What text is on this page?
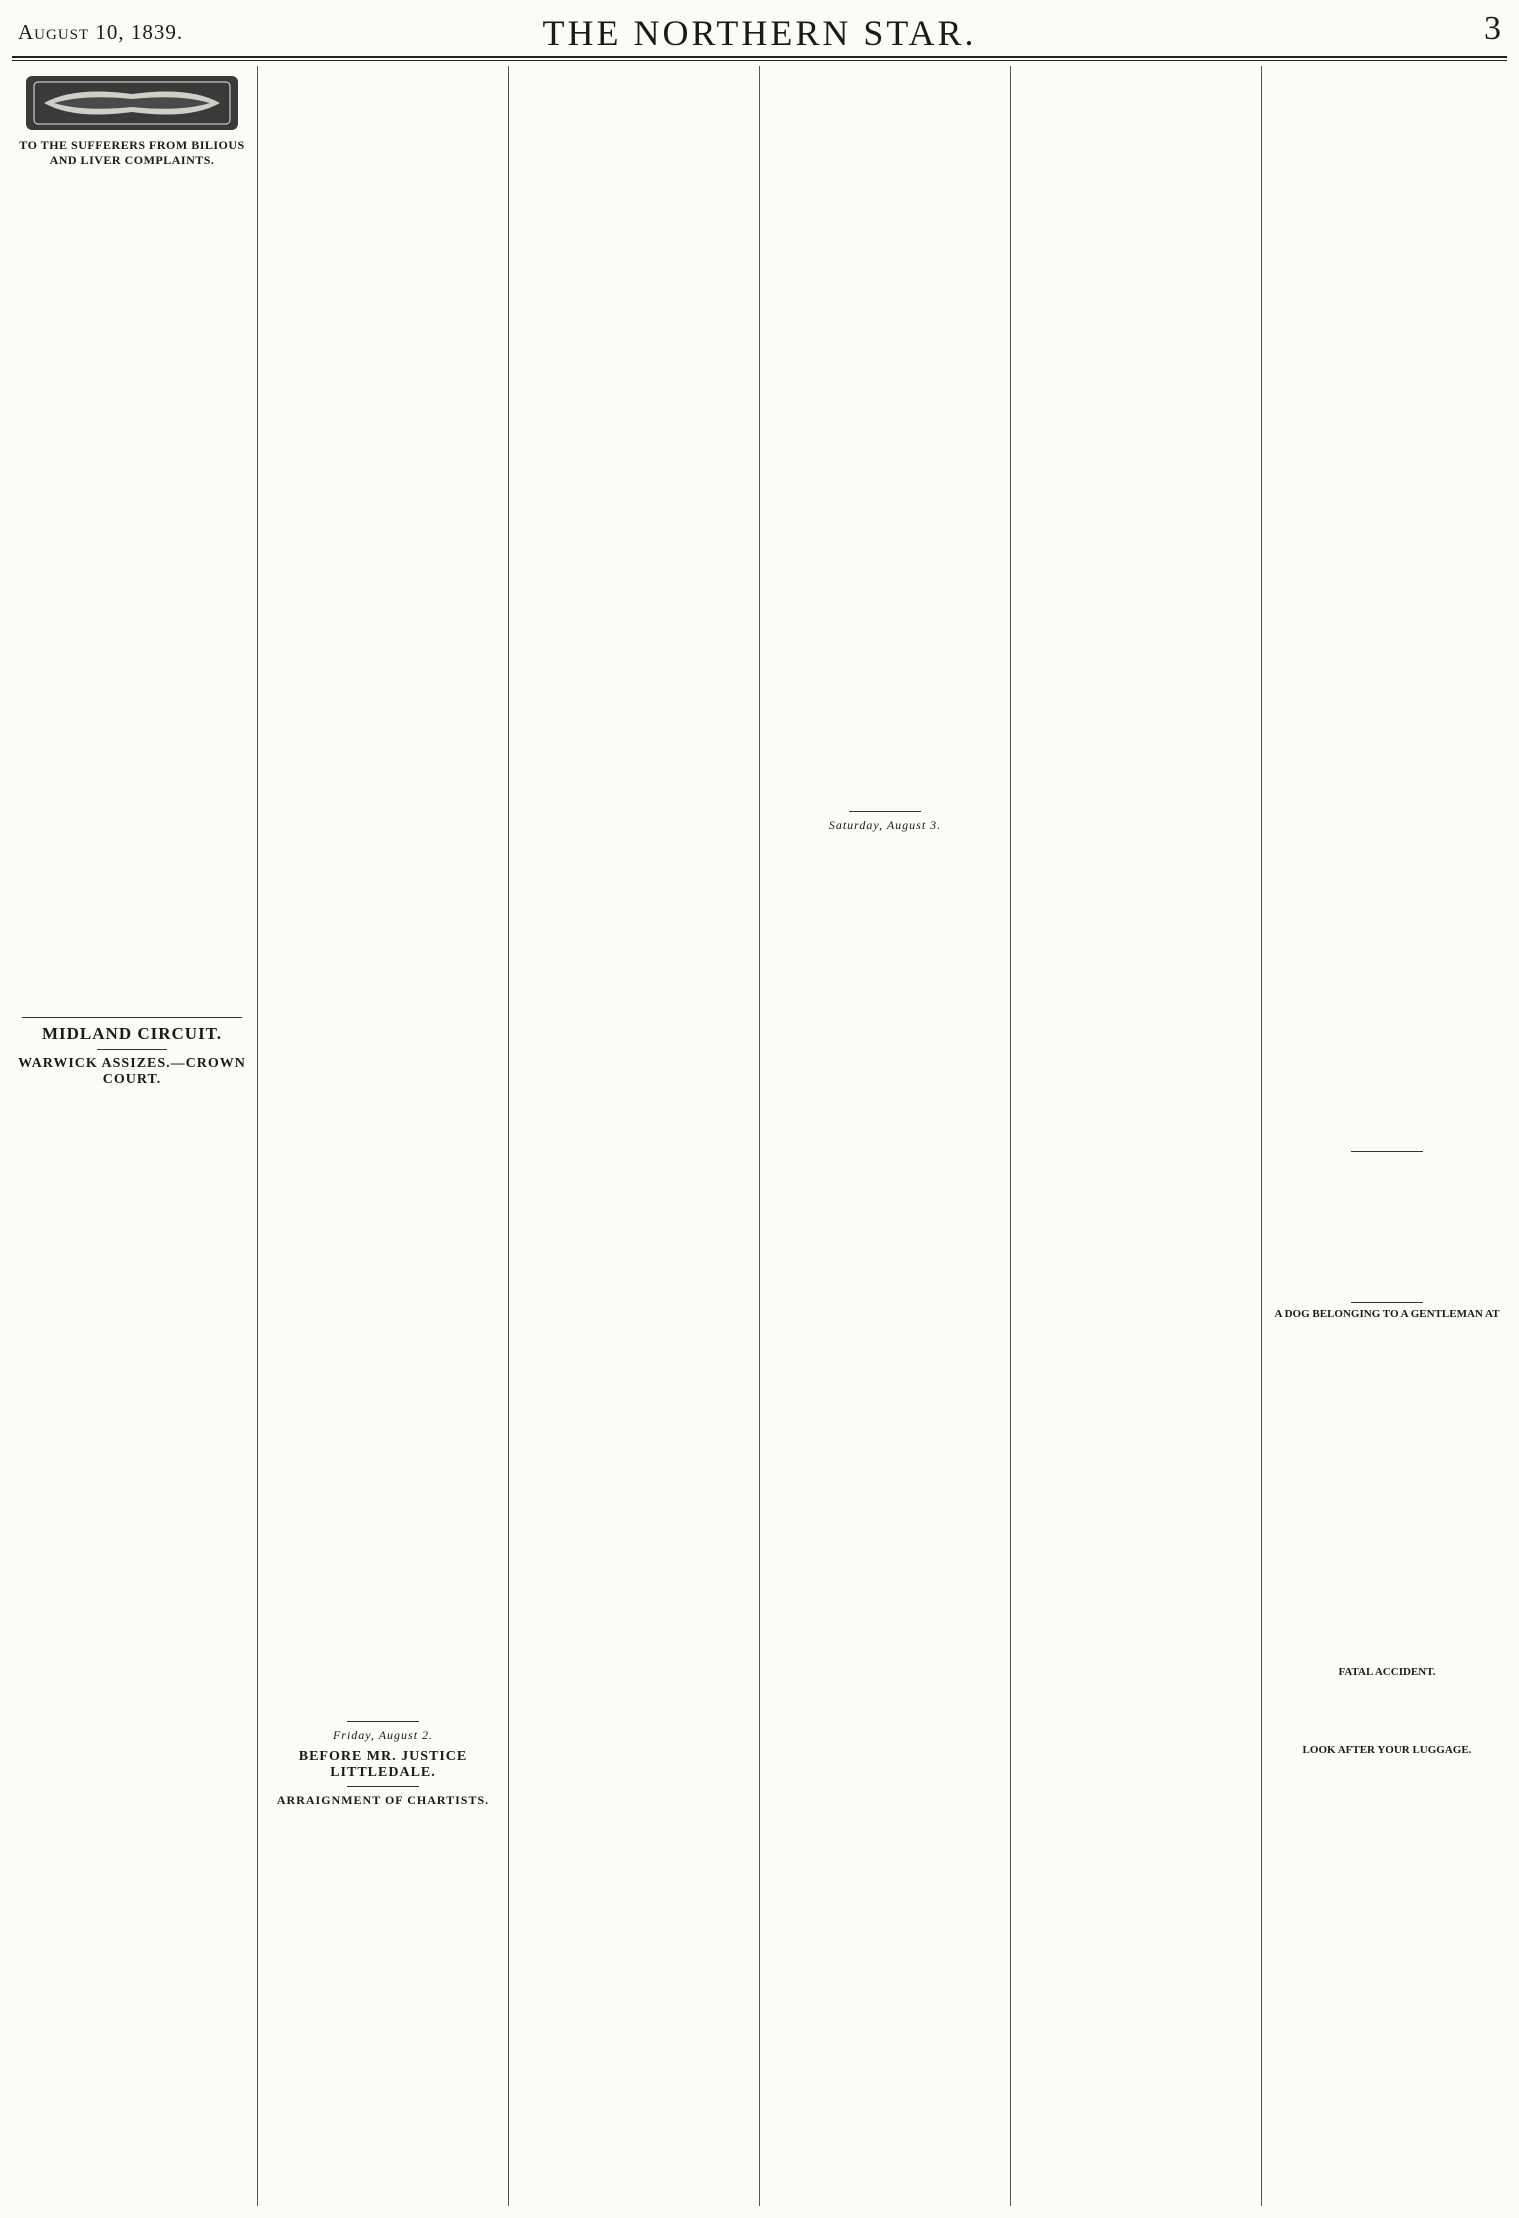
August 10, 1839.	THE NORTHERN STAR.	3
TO THE SUFFERERS FROM BILIOUS AND LIVER COMPLAINTS.
MIDLAND CIRCUIT.
WARWICK ASSIZES.—CROWN COURT.
Friday, August 2.
BEFORE MR. JUSTICE LITTLEDALE.
ARRAIGNMENT OF CHARTISTS.
Saturday, August 3.
A DOG BELONGING TO A GENTLEMAN AT
FATAL ACCIDENT.
LOOK AFTER YOUR LUGGAGE.
